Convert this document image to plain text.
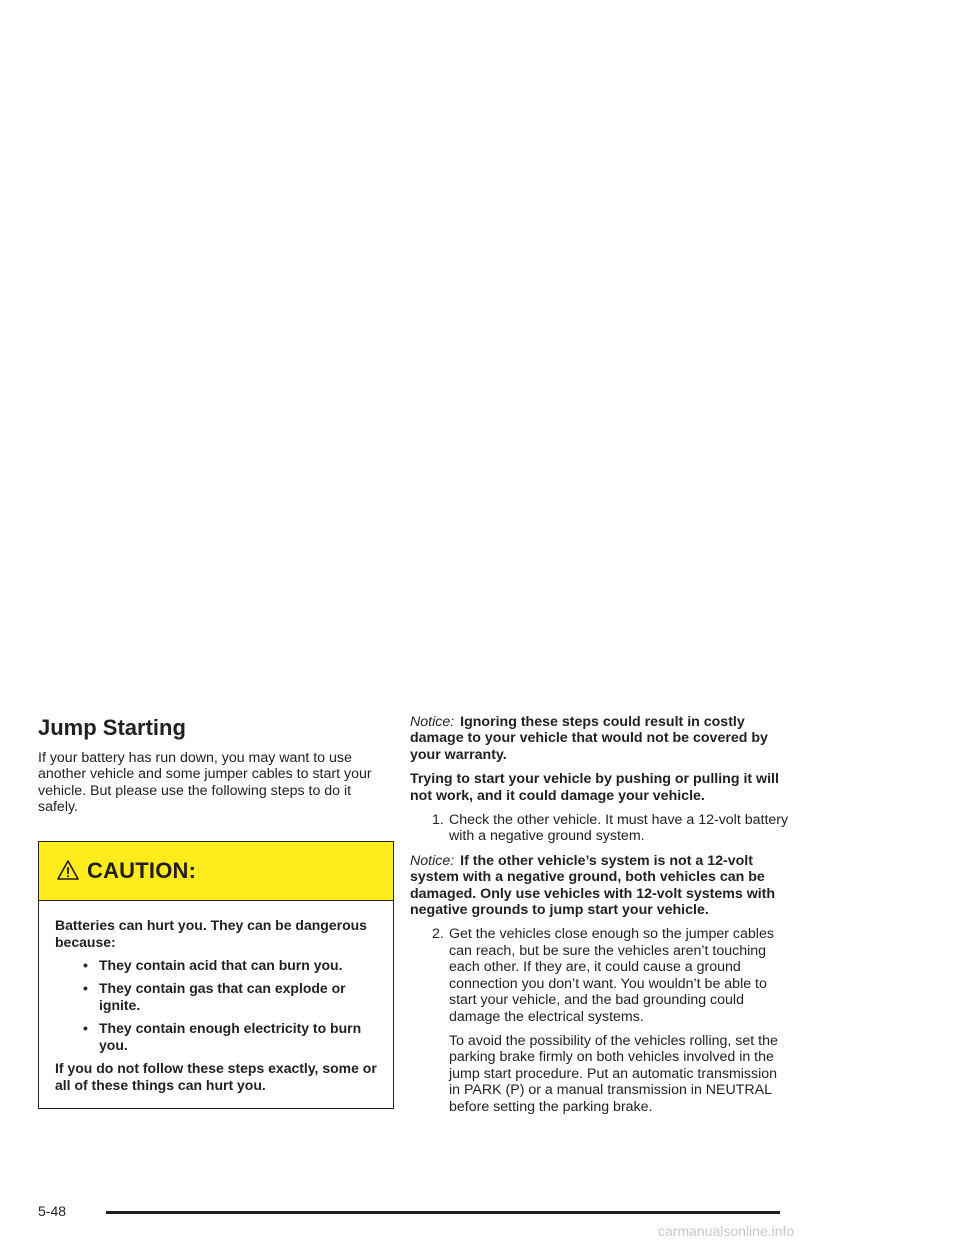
Jump Starting

If your battery has run down, you may want to use another vehicle and some jumper cables to start your vehicle. But please use the following steps to do it safely.

CAUTION:

Batteries can hurt you. They can be dangerous because:

• They contain acid that can burn you.
• They contain gas that can explode or ignite.
• They contain enough electricity to burn you.

If you do not follow these steps exactly, some or all of these things can hurt you.

Notice: Ignoring these steps could result in costly damage to your vehicle that would not be covered by your warranty.

Trying to start your vehicle by pushing or pulling it will not work, and it could damage your vehicle.

1. Check the other vehicle. It must have a 12-volt battery with a negative ground system.

Notice: If the other vehicle’s system is not a 12-volt system with a negative ground, both vehicles can be damaged. Only use vehicles with 12-volt systems with negative grounds to jump start your vehicle.

2. Get the vehicles close enough so the jumper cables can reach, but be sure the vehicles aren’t touching each other. If they are, it could cause a ground connection you don’t want. You wouldn’t be able to start your vehicle, and the bad grounding could damage the electrical systems.

To avoid the possibility of the vehicles rolling, set the parking brake firmly on both vehicles involved in the jump start procedure. Put an automatic transmission in PARK (P) or a manual transmission in NEUTRAL before setting the parking brake.

5-48
carmanualsonline.info
